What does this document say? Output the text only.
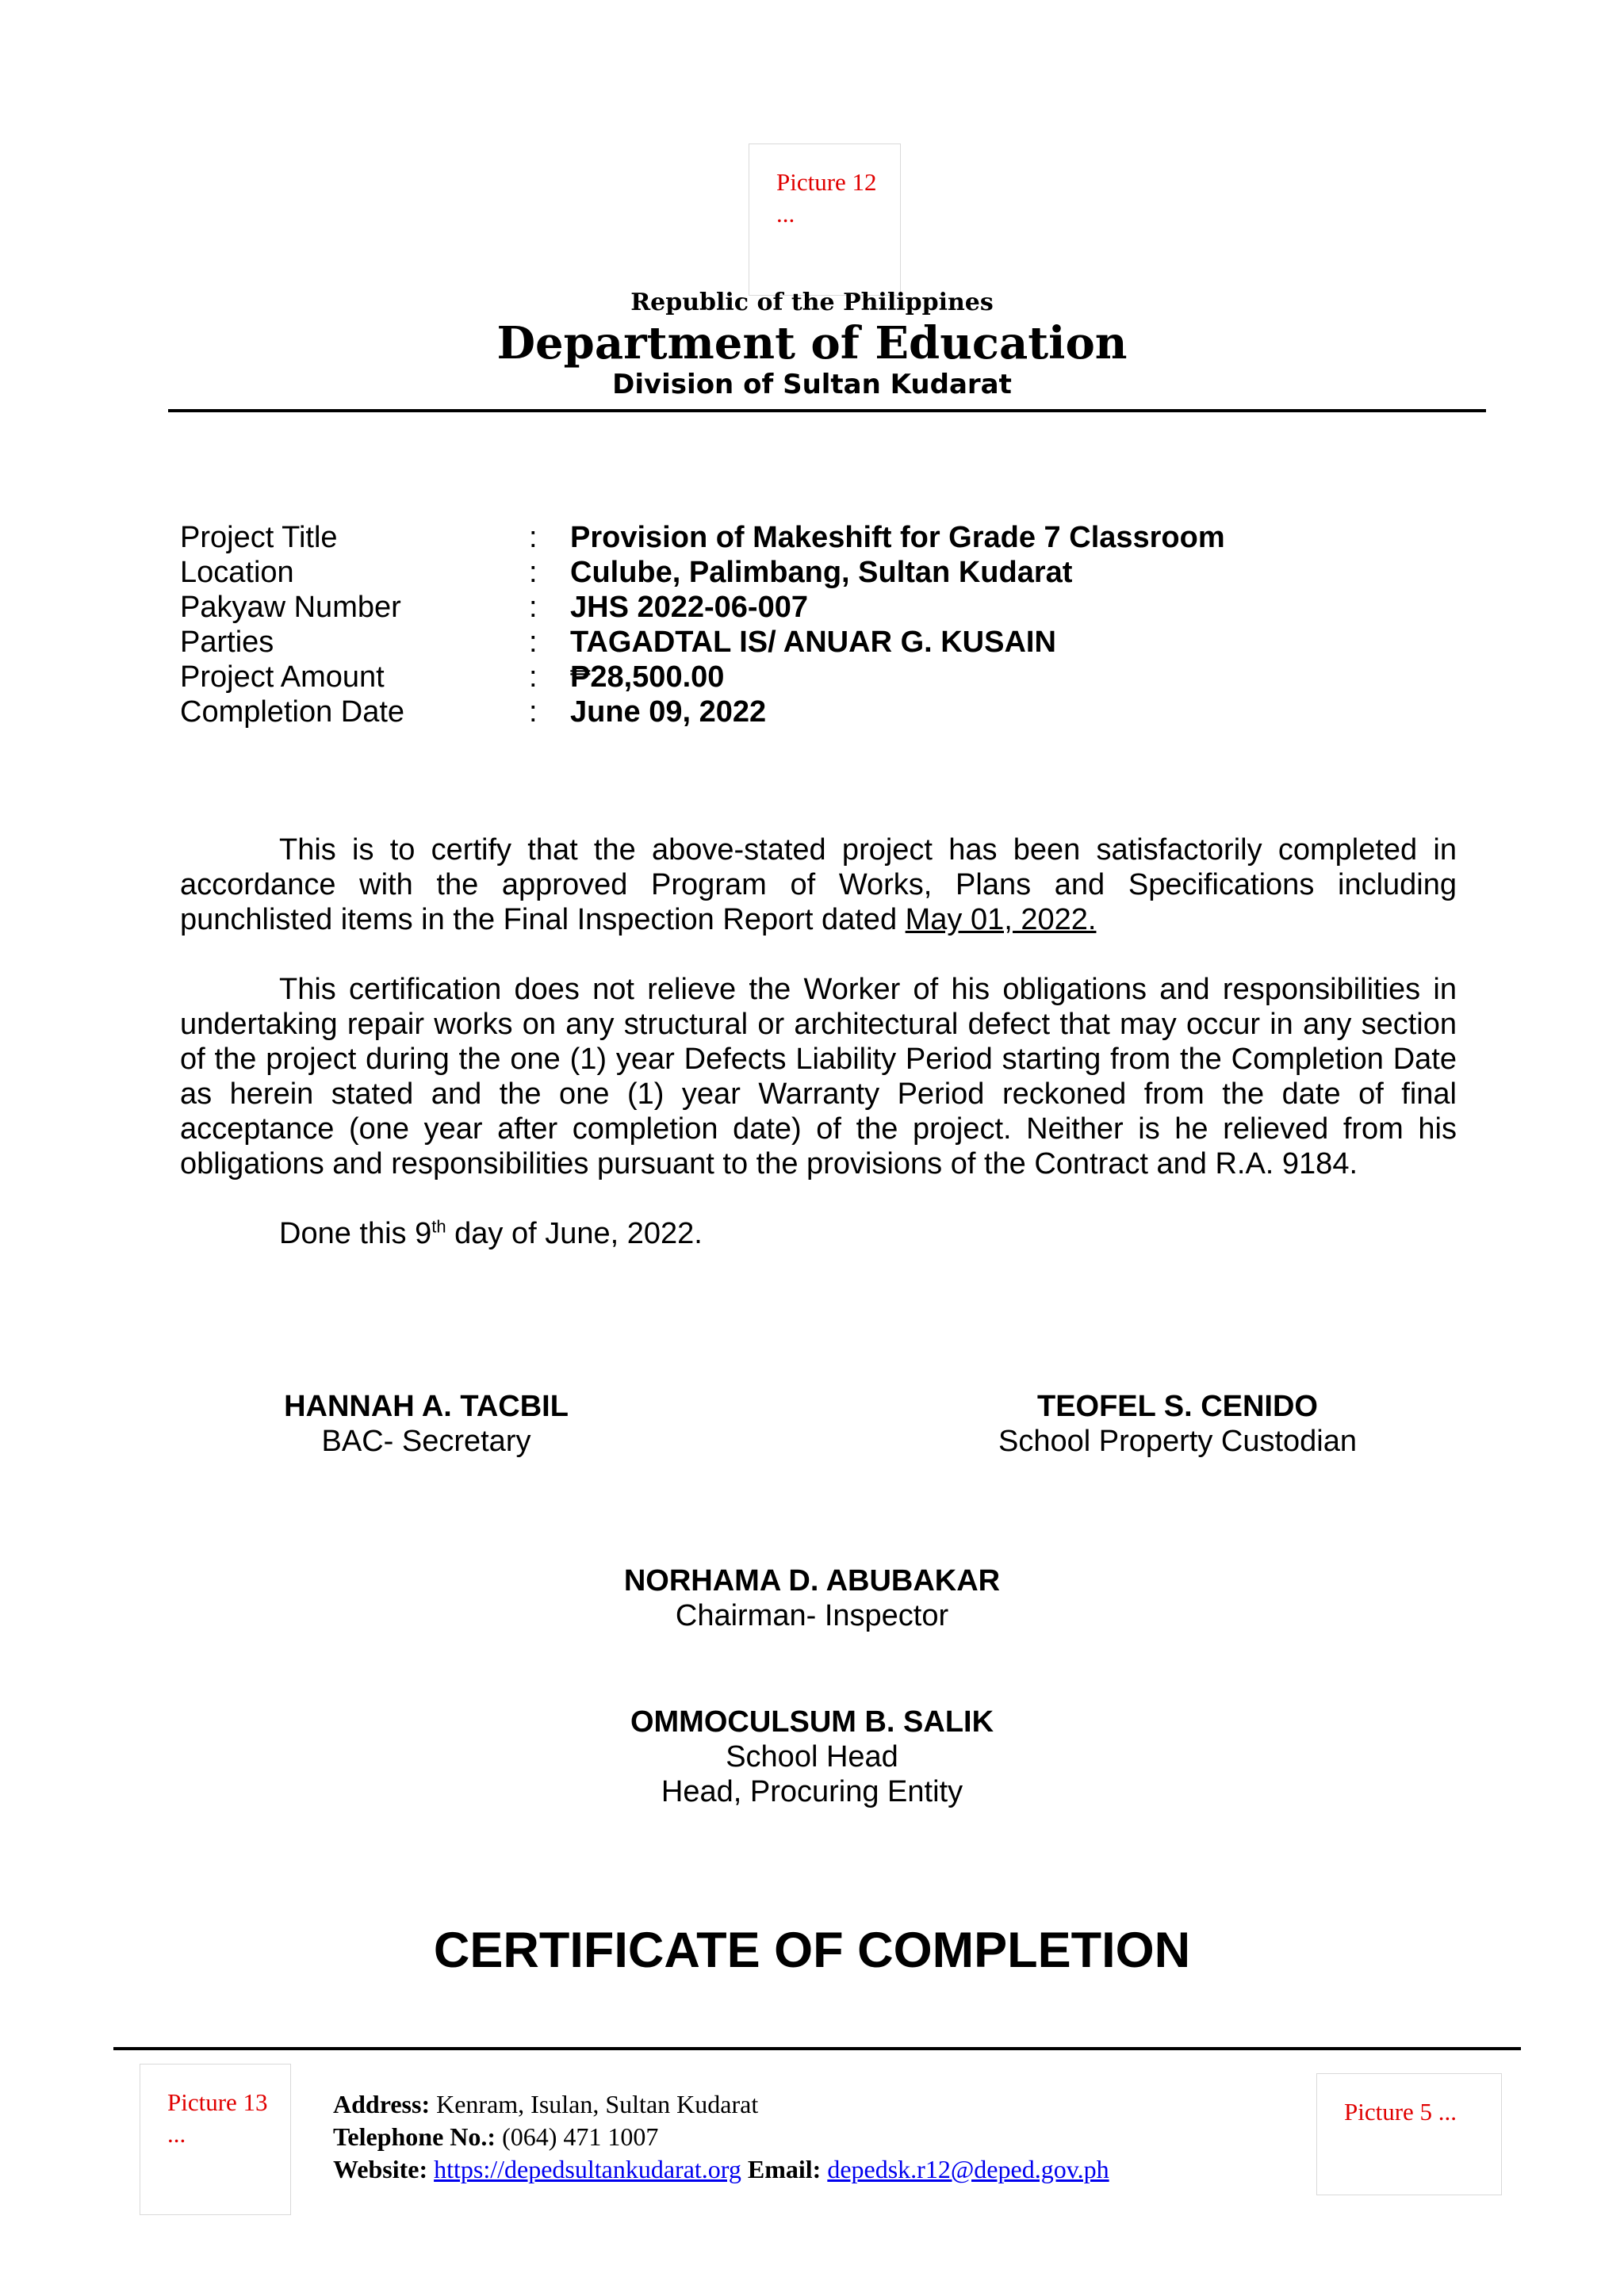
Picture 12 ...
Republic of the Philippines
Department of Education
Division of Sultan Kudarat
Project Title	: Provision of Makeshift for Grade 7 Classroom
Location	: Culube, Palimbang, Sultan Kudarat
Pakyaw Number	: JHS 2022-06-007
Parties	: TAGADTAL IS/ ANUAR G. KUSAIN
Project Amount	: ₱28,500.00
Completion Date	: June 09, 2022

This is to certify that the above-stated project has been satisfactorily completed in accordance with the approved Program of Works, Plans and Specifications including punchlisted items in the Final Inspection Report dated May 01, 2022.

This certification does not relieve the Worker of his obligations and responsibilities in undertaking repair works on any structural or architectural defect that may occur in any section of the project during the one (1) year Defects Liability Period starting from the Completion Date as herein stated and the one (1) year Warranty Period reckoned from the date of final acceptance (one year after completion date) of the project. Neither is he relieved from his obligations and responsibilities pursuant to the provisions of the Contract and R.A. 9184.

Done this 9th day of June, 2022.

HANNAH A. TACBIL
BAC- Secretary
TEOFEL S. CENIDO
School Property Custodian
NORHAMA D. ABUBAKAR
Chairman- Inspector
OMMOCULSUM B. SALIK
School Head
Head, Procuring Entity
CERTIFICATE OF COMPLETION
Picture 13 ...
Address: Kenram, Isulan, Sultan Kudarat
Telephone No.: (064) 471 1007
Website: https://depedsultankudarat.org Email: depedsk.r12@deped.gov.ph
Picture 5 ...
